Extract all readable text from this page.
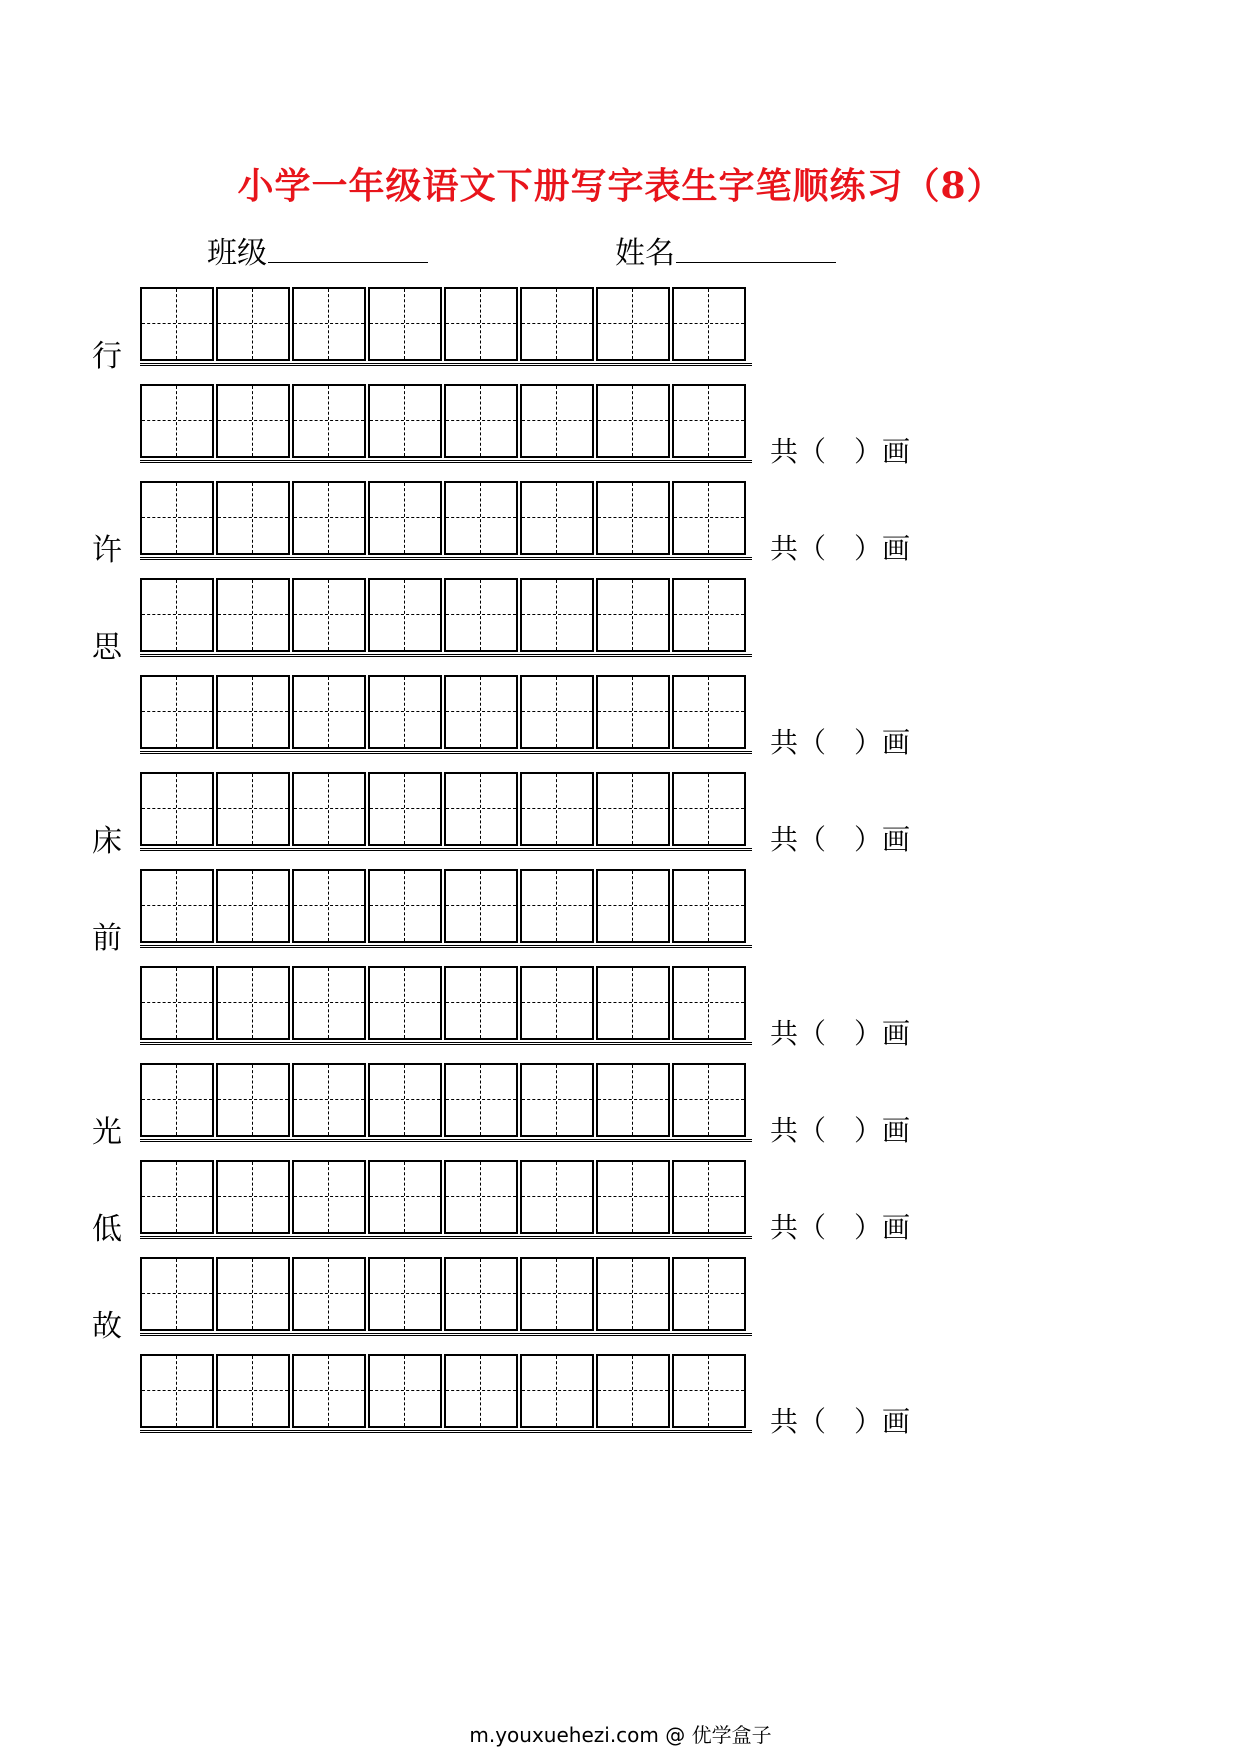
小学一年级语文下册写字表生字笔顺练习（8）
班级	姓名
行
共（　）画
许	共（　）画
思
共（　）画
床	共（　）画
前
共（　）画
光	共（　）画
低	共（　）画
故
共（　）画
m.youxuehezi.com @ 优学盒子
